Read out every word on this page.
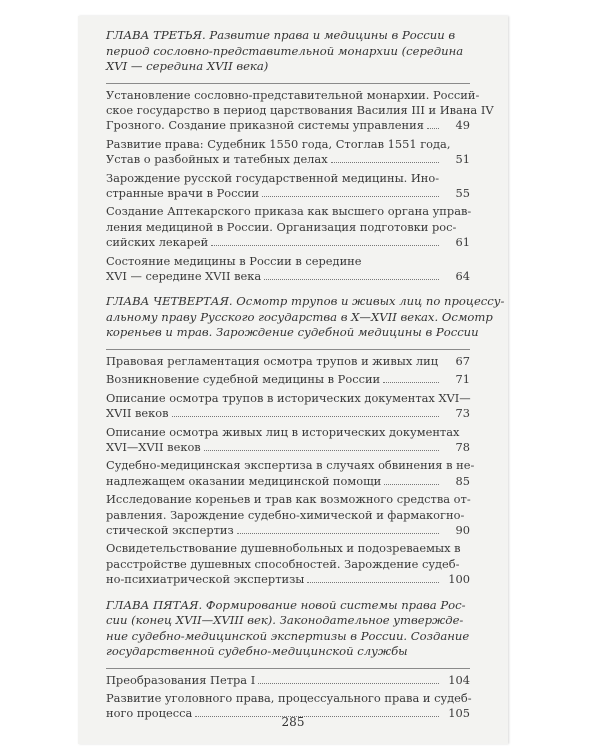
ГЛАВА ТРЕТЬЯ. Развитие права и медицины в России в
период сословно-представительной монархии (середина
XVI — середина XVII века)
Установление сословно-представительной монархии. Россий-
ское государство в период царствования Василия III и Ивана IV
Грозного. Создание приказной системы управления	49
Развитие права: Судебник 1550 года, Стоглав 1551 года,
Устав о разбойных и татебных делах	51
Зарождение русской государственной медицины. Ино-
странные врачи в России	55
Создание Аптекарского приказа как высшего органа управ-
ления медициной в России. Организация подготовки рос-
сийских лекарей	61
Состояние медицины в России в середине
XVI — середине XVII века	64
ГЛАВА ЧЕТВЕРТАЯ. Осмотр трупов и живых лиц по процессу-
альному праву Русского государства в X—XVII веках. Осмотр
кореньев и трав. Зарождение судебной медицины в России
Правовая регламентация осмотра трупов и живых лиц	67
Возникновение судебной медицины в России	71
Описание осмотра трупов в исторических документах XVI—
XVII веков	73
Описание осмотра живых лиц в исторических документах
XVI—XVII веков	78
Судебно-медицинская экспертиза в случаях обвинения в не-
надлежащем оказании медицинской помощи	85
Исследование кореньев и трав как возможного средства от-
равления. Зарождение судебно-химической и фармакогно-
стической экспертиз	90
Освидетельствование душевнобольных и подозреваемых в
расстройстве душевных способностей. Зарождение судеб-
но-психиатрической экспертизы	100
ГЛАВА ПЯТАЯ. Формирование новой системы права Рос-
сии (конец XVII—XVIII век). Законодательное утвержде-
ние судебно-медицинской экспертизы в России. Создание
государственной судебно-медицинской службы
Преобразования Петра I	104
Развитие уголовного права, процессуального права и судеб-
ного процесса	105
285
